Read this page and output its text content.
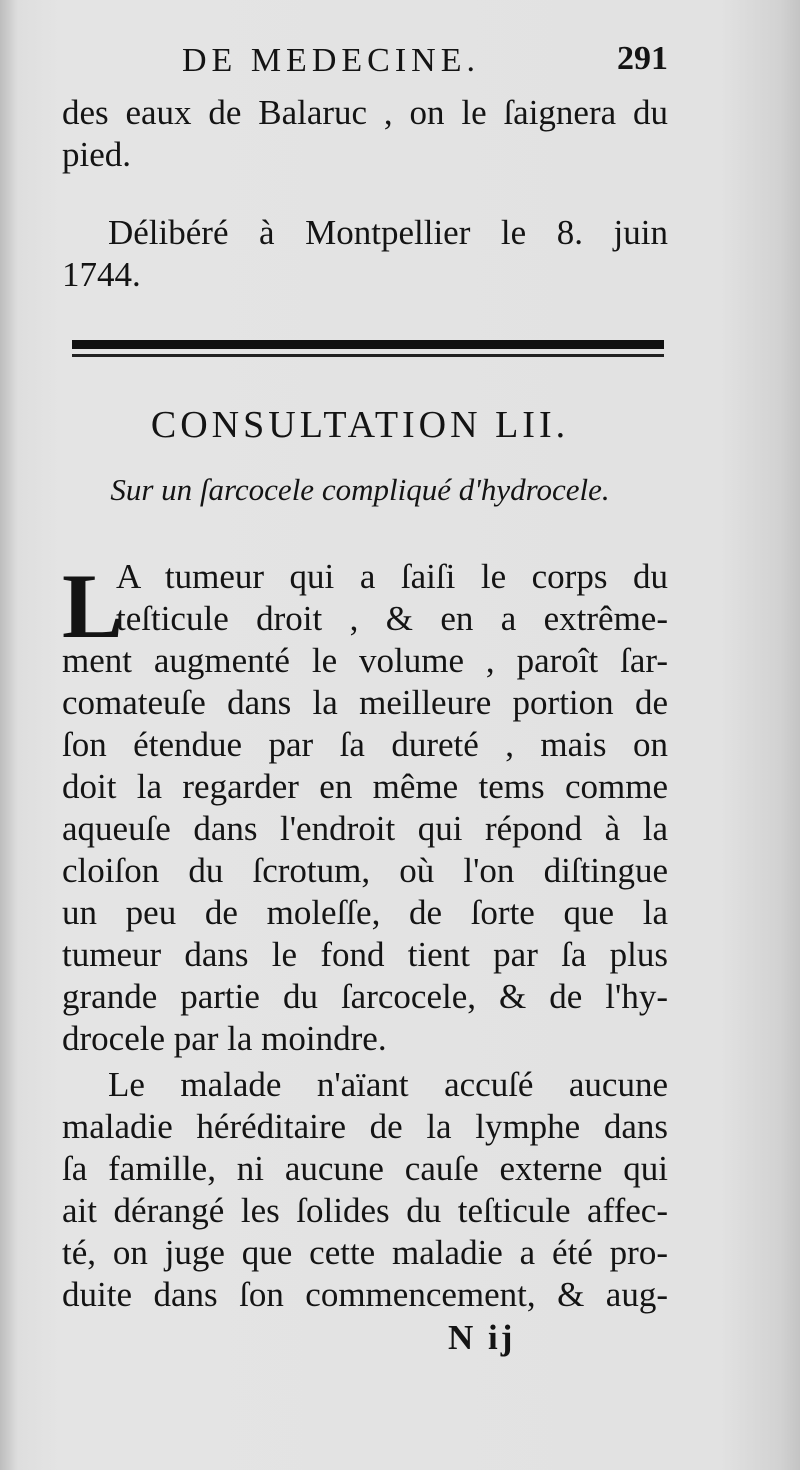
DE MEDECINE.	291
des eaux de Balaruc , on le ſaignera du
pied.
Délibéré à Montpellier le 8. juin
1744.
CONSULTATION LII.
Sur un ſarcocele compliqué d'hydrocele.
L
A tumeur qui a ſaiſi le corps du
teſticule droit , & en a extrême-
ment augmenté le volume , paroît ſar-
comateuſe dans la meilleure portion de
ſon étendue par ſa dureté , mais on
doit la regarder en même tems comme
aqueuſe dans l'endroit qui répond à la
cloiſon du ſcrotum, où l'on diſtingue
un peu de moleſſe, de ſorte que la
tumeur dans le fond tient par ſa plus
grande partie du ſarcocele, & de l'hy-
drocele par la moindre.
Le malade n'aïant accuſé aucune
maladie héréditaire de la lymphe dans
ſa famille, ni aucune cauſe externe qui
ait dérangé les ſolides du teſticule affec-
té, on juge que cette maladie a été pro-
duite dans ſon commencement, & aug-
N ij
